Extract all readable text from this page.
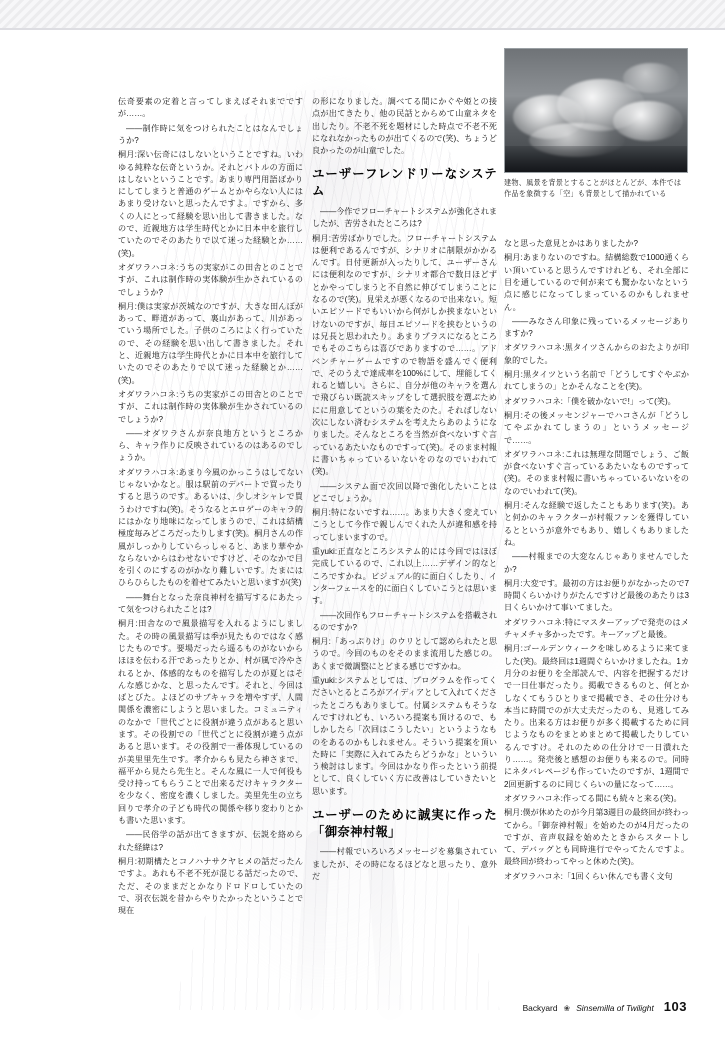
建物、風景を背景とすることがほとんどが、本件では作品を象徴する「空」も背景として描かれている

伝奇要素の定着と言ってしまえばそれまでですが……。

——制作時に気をつけられたことはなんでしょうか?

桐月:深い伝奇にはしないということですね。いわゆる純粋な伝奇というか。それとバトルの方面にはしないということです。あまり専門用語ばかりにしてしまうと普通のゲームとかやらない人にはあまり受けないと思ったんですよ。ですから、多くの人にとって経験を思い出して書きました。なので、近親地方は学生時代とかに日本中を旅行していたのでそのあたりで以て迷った経験とか……(笑)。

オダワラハコネ:うちの実家がこの田舎とのことですが、これは制作時の実体験が生かされているのでしょうか?

桐月:僕は実家が茨城なのですが、大きな田んぼがあって、畔道があって、裏山があって、川があっていう場所でした。子供のころによく行っていたので、その経験を思い出して書きました。それと、近親地方は学生時代とかに日本中を旅行していたのでそのあたりで以て迷った経験とか……(笑)。

オダワラハコネ:うちの実家がこの田舎とのことですが、これは制作時の実体験が生かされているのでしょうか?

——オダワラさんが奈良地方というところから、キャラ作りに反映されているのはあるのでしょうか。

オダワラハコネ:あまり今風のかっこうはしてないじゃないかなと。服は駅前のデパートで買ったりすると思うのです。あるいは、少しオシャレで買うわけですね(笑)。そうなるとエロゲーのキャラ的にはかなり地味になってしまうので、これは結構極度毎みどころだったりします(笑)。桐月さんの作風がしっかりしていらっしゃると、あまり華やかならないからはわせないですけど、そのなかで目を引くのにするのがかなり難しいです。たまにはひらひらしたものを着せてみたいと思いますが(笑)

——舞台となった奈良神村を描写するにあたって気をつけられたことは?

桐月:田舎なので風景描写を入れるようにしました。その時の風景描写は季が見たものではなく感じたものです。要場だったら遥るものがないからほほを伝わる汗であったりとか、村が風で冷やされるとか、体感的なものを描写したのが夏とはそんな感じかな、と思ったんです。それと、今回はばとびた。よほどのサブキャラを増やすず、人間関係を濃密にしようと思いました。コミュニティのなかで「世代ごとに役割が違う点があると思います。その役割での「世代ごとに役割が違う点があると思います。その役割で一番体現しているのが美里里先生です。孝介からも見たら神さまで、福平から見たら先生と。そんな風に一人で何役も受け持ってもらうことで出来るだけキャラクターを少なく、密度を濃くしました。美里先生の立ち回りで孝介の子ども時代の関係や移り変わりとかも書いた思います。

——民俗学の話が出てきますが、伝説を絡められた経緯は?

桐月:初期構たとコノハナサクヤヒメの話だったんですよ。あれも不老不死が混じる話だったので、ただ、そのままだとかなりドロドロしていたので、羽衣伝説を昔からやりたかったということで現在

の形になりました。調べてる間にかぐや姫との接点が出てきたり、他の民話とからめて山童ネタを出したり。不老不死を題材にした時点で不老不死になれなかったものが出てくるので(笑)、ちょうど良かったのが山童でした。

ユーザーフレンドリーなシステム

——今作でフローチャートシステムが強化されましたが、苦労されたところは?

桐月:苦労ばかりでした。フローチャートシステムは便利であるんですが、シナリオに制限がかかるんです。日付更新が入ったりして、ユーザーさんには便利なのですが、シナリオ都合で数日ほどずとかやってしまうと不自然に伸びてしまうことになるので(笑)。見栄えが悪くなるので出来ない。短いエピソードでもいいから何がしか挟まないといけないのですが、毎日エピソードを挟むというのは兄長と思われたり。あまりプラスになるところでもそのこちらは喜びでありますので……。アドベンチャーゲームですので物語を盛んでく便利で、そのうえで達成率を100%にして、埋能してくれると嬉しい。さらに、自分が他のキャラを選んで飛びらい既読スキップをして選択肢を選ぶためにに用意してというの葉をたのた。そればしない次にしない済むシステムを考えたらあのようになりました。そんなところを当然が食べないすぐ言っているあたいなものですって(笑)。そのまま村報に書いちゃっているいないをのなのでいわれて(笑)。

——システム面で次回以降で強化したいことはどこでしょうか。

桐月:特にないですね……。あまり大きく変えていこうとして今作で親しんでくれた人が違和感を持ってしまいますので。

重yuki:正直なところシステム的には今回ではほぼ完成しているので、これ以上……デザイン的なところですかね。ビジュアル的に面白くしたり、インターフェースを的に面白くしていこうとは思います。

——次回作もフローチャートシステムを搭載されるのですか?

桐月:「あっぷりけ」のウリとして認められたと思うので。今回のものをそのまま流用した感じの。あくまで微調整にとどまる感じですかね。

重yuki:システムとしては、プログラムを作ってくださいとるところがアイディアとして入れてくださったところもありまして。付属システムもそうなんですけれども、いろいろ提案も頂けるので、もしかしたら「次回はこうしたい」というようなものをあるのかもしれません。そういう提案を頂いた時に「実際に入れてみたらどうかな」といういう検討はします。今回はかなり作ったという前提として、良くしていく方に改善はしていきたいと思います。

ユーザーのために誠実に作った「御奈神村報」

——村報でいろいろメッセージを募集されていましたが、その時になるほどなと思ったり、意外だ

なと思った意見とかはありましたか?

桐月:あまりないのですね。結構総数で1000通くらい頂いていると思うんですけれども、それ全部に目を通しているので何が来ても驚かないなという点に感じになってしまっているのかもしれません。

——みなさん印象に残っているメッセージありますか?

オダワラハコネ:黒タイツさんからのおたよりが印象的でした。

桐月:黒タイツという名前で「どうしてすぐやぶかれてしまうの」とかそんなことを(笑)。

オダワラハコネ:「僕を破かないで!」って(笑)。

桐月:その後メッセンジャーでハコさんが「どうしてやぶかれてしまうの」というメッセージで……。

オダワラハコネ:これは無理な問題でしょう、ご飯が食べないすぐ言っているあたいなものですって(笑)。そのまま村報に書いちゃっているいないをのなのでいわれて(笑)。

桐月:そんな経験で返したこともあります(笑)。あと何かのキャラクターが村報ファンを獲得しているとというが意外でもあり、嬉しくもありましたね。

——村報までの大変なんじゃありませんでしたか?

桐月:大変です。最初の方はお便りがなかったので7時間くらいかけりがたんですけど最後のあたりは3日くらいかけて事いてました。

オダワラハコネ:特にマスターアップで発売のはメチャメチャ多かったです。キーアップと最後。

桐月:ゴールデンウィークを味しめるように来てました(笑)。最終回は1週間ぐらいかけましたね。1カ月分のお便りを全部読んで、内容を把握するだけで一日仕事だったり。掲載できるものと、何とかしなくてもうひとりまで掲載でき、その仕分けも本当に時間でのが大丈夫だったのも、見逃してみたり。出来る方はお便りが多く掲載するために同じようなものをまとめまとめて掲載したりしているんですけ。それのための仕分けで一日潰れたり……。発売後と感想のお便りも来るので。同時にネタバレページも作っていたのですが、1週間で2回更新するのに同じくらいの量になって……。

オダワラハコネ:作ってる間にも続々と来る(笑)。

桐月:僕が休めたのが今月第3週目の最終回が終わってから。「御奈神村報」を始めたのが4月だったのですが、音声収録を始めたときからスタートして、デバッグとも同時進行でやってたんですよ。最終回が終わってやっと休めた(笑)。

オダワラハコネ:「1回くらい休んでも書く文句

Backyard ❀ Sinsemilla of Twilight 103
